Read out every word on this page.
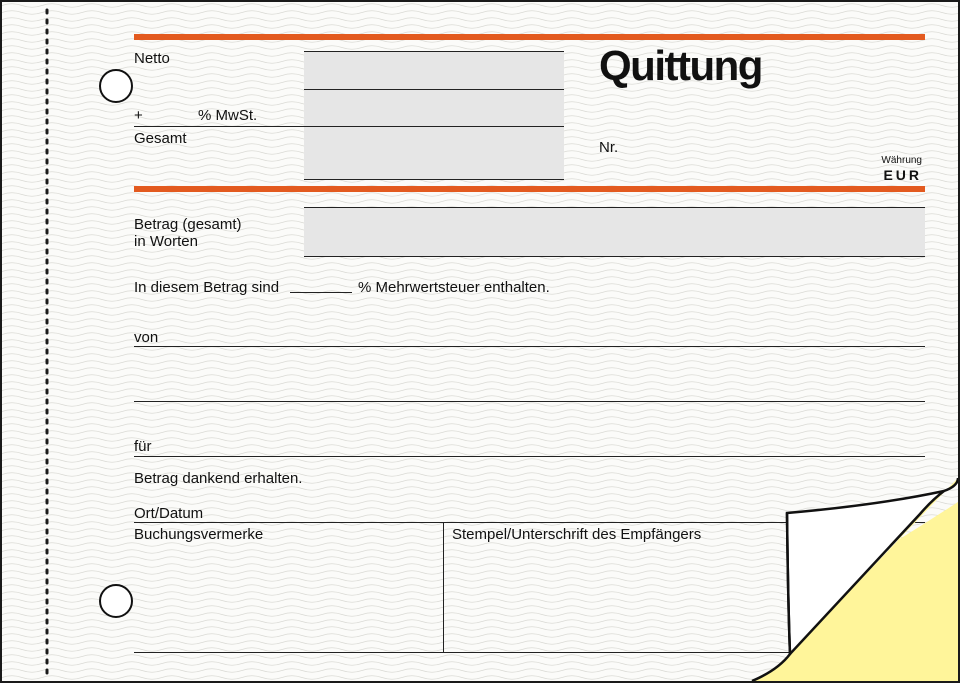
Netto
+	% MwSt.
Gesamt
Quittung
Nr.
Währung
EUR
Betrag (gesamt)
in Worten
In diesem Betrag sind	% Mehrwertsteuer enthalten.
von
für
Betrag dankend erhalten.
Ort/Datum
Buchungsvermerke	Stempel/Unterschrift des Empfängers
